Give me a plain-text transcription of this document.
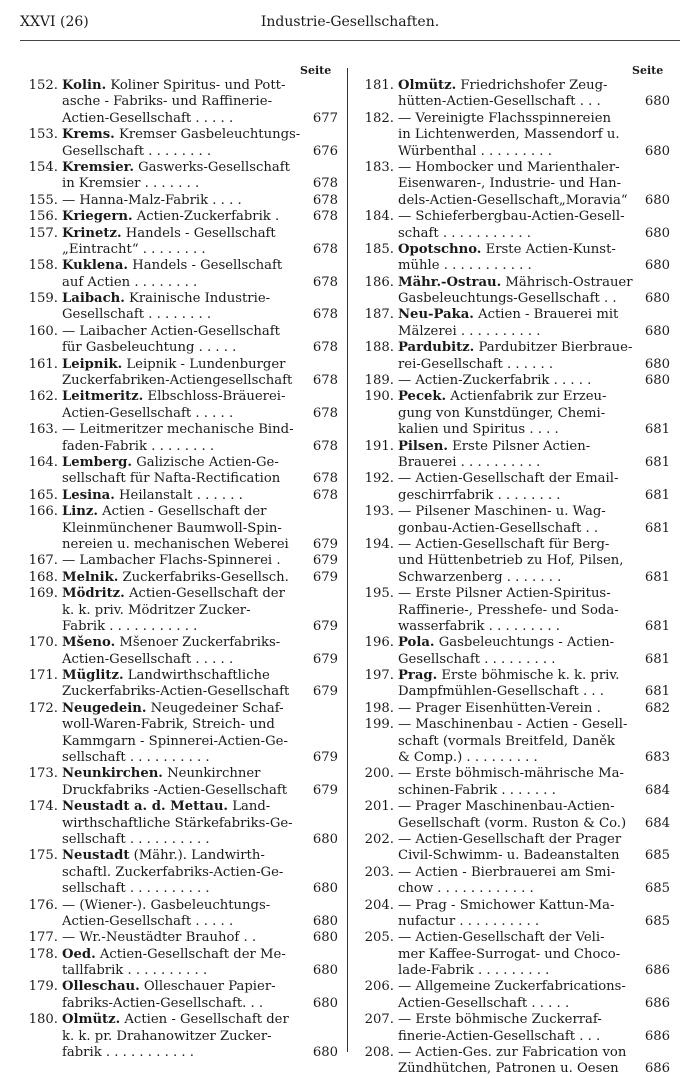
XXVI (26)	Industrie-Gesellschaften.
Seite	Seite
152. Kolin. Koliner Spiritus- und Pott-
asche - Fabriks- und Raffinerie-
Actien-Gesellschaft . . . . .	677
153. Krems. Kremser Gasbeleuchtungs-
Gesellschaft . . . . . . . .	676
154. Kremsier. Gaswerks-Gesellschaft
in Kremsier . . . . . . .	678
155. — Hanna-Malz-Fabrik . . . .	678
156. Kriegern. Actien-Zuckerfabrik .	678
157. Krinetz. Handels - Gesellschaft
„Eintracht“ . . . . . . . .	678
158. Kuklena. Handels - Gesellschaft
auf Actien . . . . . . . .	678
159. Laibach. Krainische Industrie-
Gesellschaft . . . . . . . .	678
160. — Laibacher Actien-Gesellschaft
für Gasbeleuchtung . . . . .	678
161. Leipnik. Leipnik - Lundenburger
Zuckerfabriken-Actiengesellschaft	678
162. Leitmeritz. Elbschloss-Bräuerei-
Actien-Gesellschaft . . . . .	678
163. — Leitmeritzer mechanische Bind-
faden-Fabrik . . . . . . . .	678
164. Lemberg. Galizische Actien-Ge-
sellschaft für Nafta-Rectification	678
165. Lesina. Heilanstalt . . . . . .	678
166. Linz. Actien - Gesellschaft der
Kleinmünchener Baumwoll-Spin-
nereien u. mechanischen Weberei	679
167. — Lambacher Flachs-Spinnerei .	679
168. Melnik. Zuckerfabriks-Gesellsch.	679
169. Mödritz. Actien-Gesellschaft der
k. k. priv. Mödritzer Zucker-
Fabrik . . . . . . . . . . .	679
170. Mšeno. Mšenoer Zuckerfabriks-
Actien-Gesellschaft . . . . .	679
171. Müglitz. Landwirthschaftliche
Zuckerfabriks-Actien-Gesellschaft	679
172. Neugedein. Neugedeiner Schaf-
woll-Waren-Fabrik, Streich- und
Kammgarn - Spinnerei-Actien-Ge-
sellschaft . . . . . . . . . .	679
173. Neunkirchen. Neunkirchner
Druckfabriks -Actien-Gesellschaft	679
174. Neustadt a. d. Mettau. Land-
wirthschaftliche Stärkefabriks-Ge-
sellschaft . . . . . . . . . .	680
175. Neustadt (Mähr.). Landwirth-
schaftl. Zuckerfabriks-Actien-Ge-
sellschaft . . . . . . . . . .	680
176. — (Wiener-). Gasbeleuchtungs-
Actien-Gesellschaft . . . . .	680
177. — Wr.-Neustädter Brauhof . .	680
178. Oed. Actien-Gesellschaft der Me-
tallfabrik . . . . . . . . . .	680
179. Olleschau. Olleschauer Papier-
fabriks-Actien-Gesellschaft. . .	680
180. Olmütz. Actien - Gesellschaft der
k. k. pr. Drahanowitzer Zucker-
fabrik . . . . . . . . . . .	680
181. Olmütz. Friedrichshofer Zeug-
hütten-Actien-Gesellschaft . . .	680
182. — Vereinigte Flachsspinnereien
in Lichtenwerden, Massendorf u.
Würbenthal . . . . . . . . .	680
183. — Hombocker und Marienthaler-
Eisenwaren-, Industrie- und Han-
dels-Actien-Gesellschaft„Moravia“	680
184. — Schieferbergbau-Actien-Gesell-
schaft . . . . . . . . . . .	680
185. Opotschno. Erste Actien-Kunst-
mühle . . . . . . . . . . .	680
186. Mähr.-Ostrau. Mährisch-Ostrauer
Gasbeleuchtungs-Gesellschaft . .	680
187. Neu-Paka. Actien - Brauerei mit
Mälzerei . . . . . . . . . .	680
188. Pardubitz. Pardubitzer Bierbraue-
rei-Gesellschaft . . . . . .	680
189. — Actien-Zuckerfabrik . . . . .	680
190. Pecek. Actienfabrik zur Erzeu-
gung von Kunstdünger, Chemi-
kalien und Spiritus . . . .	681
191. Pilsen. Erste Pilsner Actien-
Brauerei . . . . . . . . . .	681
192. — Actien-Gesellschaft der Email-
geschirrfabrik . . . . . . . .	681
193. — Pilsener Maschinen- u. Wag-
gonbau-Actien-Gesellschaft . .	681
194. — Actien-Gesellschaft für Berg-
und Hüttenbetrieb zu Hof, Pilsen,
Schwarzenberg . . . . . . .	681
195. — Erste Pilsner Actien-Spiritus-
Raffinerie-, Presshefe- und Soda-
wasserfabrik . . . . . . . . .	681
196. Pola. Gasbeleuchtungs - Actien-
Gesellschaft . . . . . . . . .	681
197. Prag. Erste böhmische k. k. priv.
Dampfmühlen-Gesellschaft . . .	681
198. — Prager Eisenhütten-Verein .	682
199. — Maschinenbau - Actien - Gesell-
schaft (vormals Breitfeld, Daněk
& Comp.) . . . . . . . . .	683
200. — Erste böhmisch-mährische Ma-
schinen-Fabrik . . . . . . .	684
201. — Prager Maschinenbau-Actien-
Gesellschaft (vorm. Ruston & Co.)	684
202. — Actien-Gesellschaft der Prager
Civil-Schwimm- u. Badeanstalten	685
203. — Actien - Bierbrauerei am Smi-
chow . . . . . . . . . . . .	685
204. — Prag - Smichower Kattun-Ma-
nufactur . . . . . . . . . .	685
205. — Actien-Gesellschaft der Veli-
mer Kaffee-Surrogat- und Choco-
lade-Fabrik . . . . . . . . .	686
206. — Allgemeine Zuckerfabrications-
Actien-Gesellschaft . . . . .	686
207. — Erste böhmische Zuckerraf-
finerie-Actien-Gesellschaft . . .	686
208. — Actien-Ges. zur Fabrication von
Zündhütchen, Patronen u. Oesen	686
